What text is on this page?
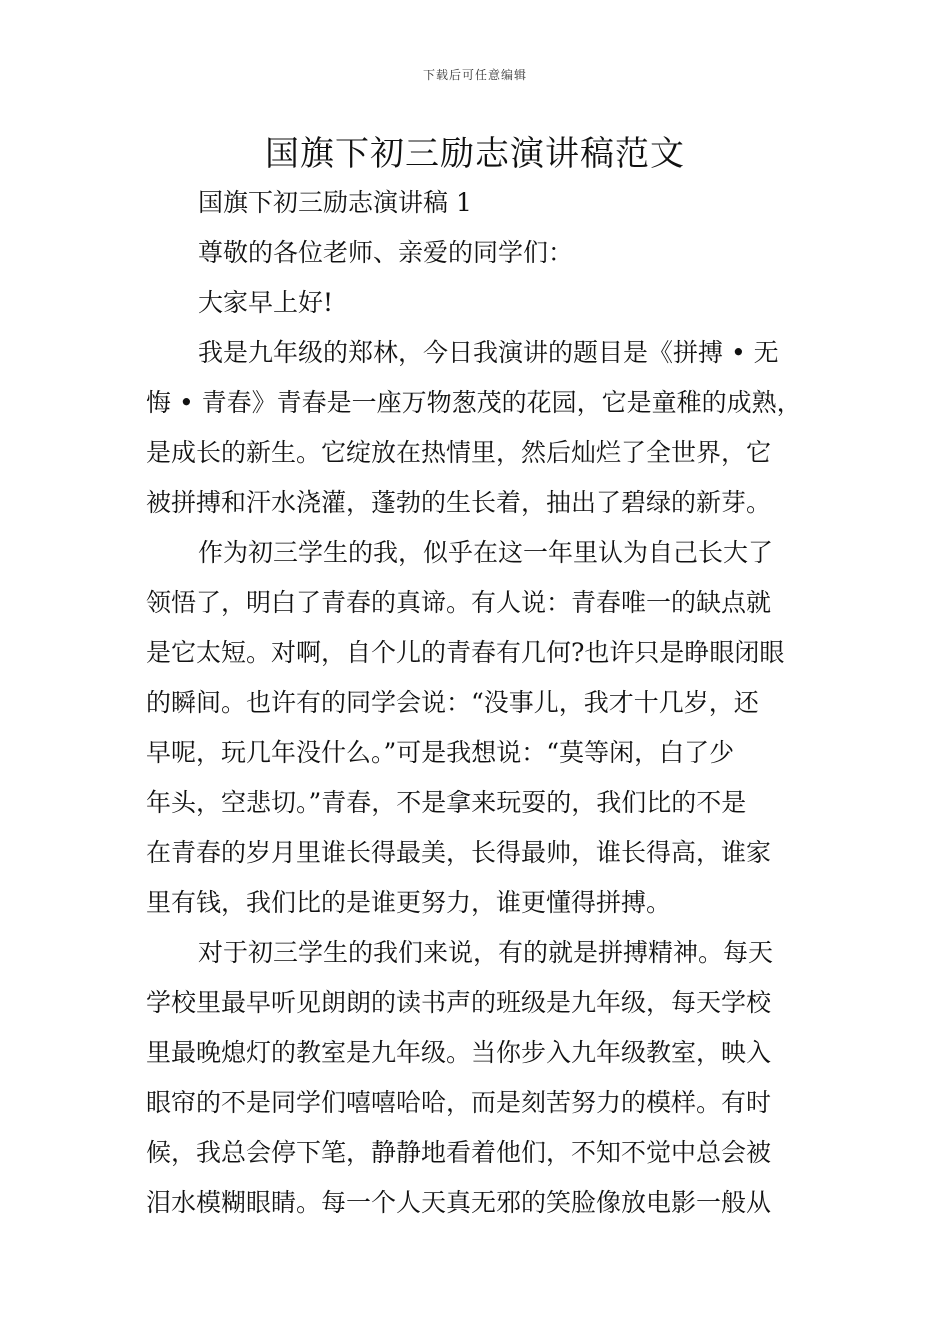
下载后可任意编辑
国旗下初三励志演讲稿范文
国旗下初三励志演讲稿 1
尊敬的各位老师、亲爱的同学们：
大家早上好!
我是九年级的郑林，今日我演讲的题目是《拼搏 • 无
悔 • 青春》青春是一座万物葱茂的花园，它是童稚的成熟，
是成长的新生。它绽放在热情里，然后灿烂了全世界，它
被拼搏和汗水浇灌，蓬勃的生长着，抽出了碧绿的新芽。
作为初三学生的我，似乎在这一年里认为自己长大了
领悟了，明白了青春的真谛。有人说：青春唯一的缺点就
是它太短。对啊，自个儿的青春有几何?也许只是睁眼闭眼
的瞬间。也许有的同学会说：“没事儿，我才十几岁，还
早呢，玩几年没什么。”可是我想说：“莫等闲，白了少
年头，空悲切。”青春，不是拿来玩耍的，我们比的不是
在青春的岁月里谁长得最美，长得最帅，谁长得高，谁家
里有钱，我们比的是谁更努力，谁更懂得拼搏。
对于初三学生的我们来说，有的就是拼搏精神。每天
学校里最早听见朗朗的读书声的班级是九年级，每天学校
里最晚熄灯的教室是九年级。当你步入九年级教室，映入
眼帘的不是同学们嘻嘻哈哈，而是刻苦努力的模样。有时
候，我总会停下笔，静静地看着他们，不知不觉中总会被
泪水模糊眼睛。每一个人天真无邪的笑脸像放电影一般从
